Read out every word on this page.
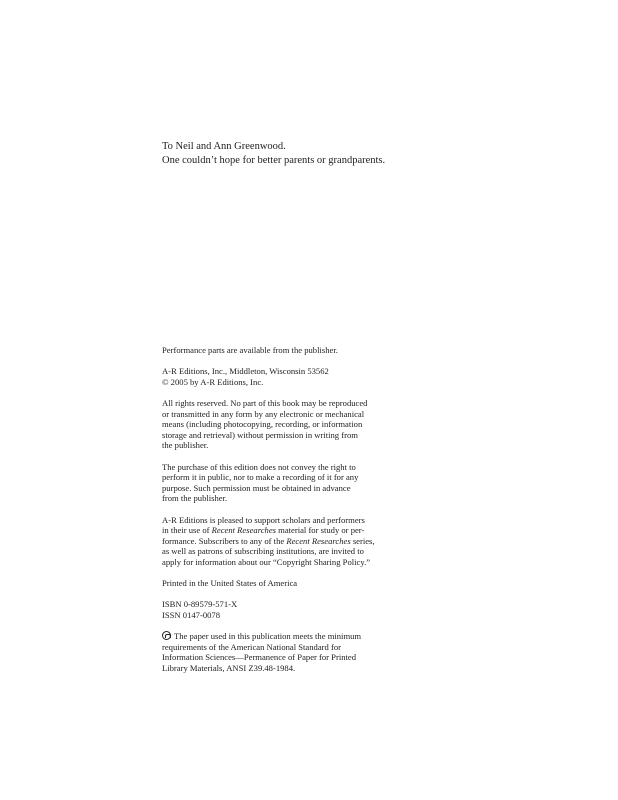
To Neil and Ann Greenwood.
One couldn’t hope for better parents or grandparents.

Performance parts are available from the publisher.

A-R Editions, Inc., Middleton, Wisconsin 53562
© 2005 by A-R Editions, Inc.

All rights reserved. No part of this book may be reproduced
or transmitted in any form by any electronic or mechanical
means (including photocopying, recording, or information
storage and retrieval) without permission in writing from
the publisher.

The purchase of this edition does not convey the right to
perform it in public, nor to make a recording of it for any
purpose. Such permission must be obtained in advance
from the publisher.

A-R Editions is pleased to support scholars and performers
in their use of Recent Researches material for study or per-
formance. Subscribers to any of the Recent Researches series,
as well as patrons of subscribing institutions, are invited to
apply for information about our “Copyright Sharing Policy.”

Printed in the United States of America

ISBN 0-89579-571-X
ISSN 0147-0078

The paper used in this publication meets the minimum
requirements of the American National Standard for
Information Sciences—Permanence of Paper for Printed
Library Materials, ANSI Z39.48-1984.
